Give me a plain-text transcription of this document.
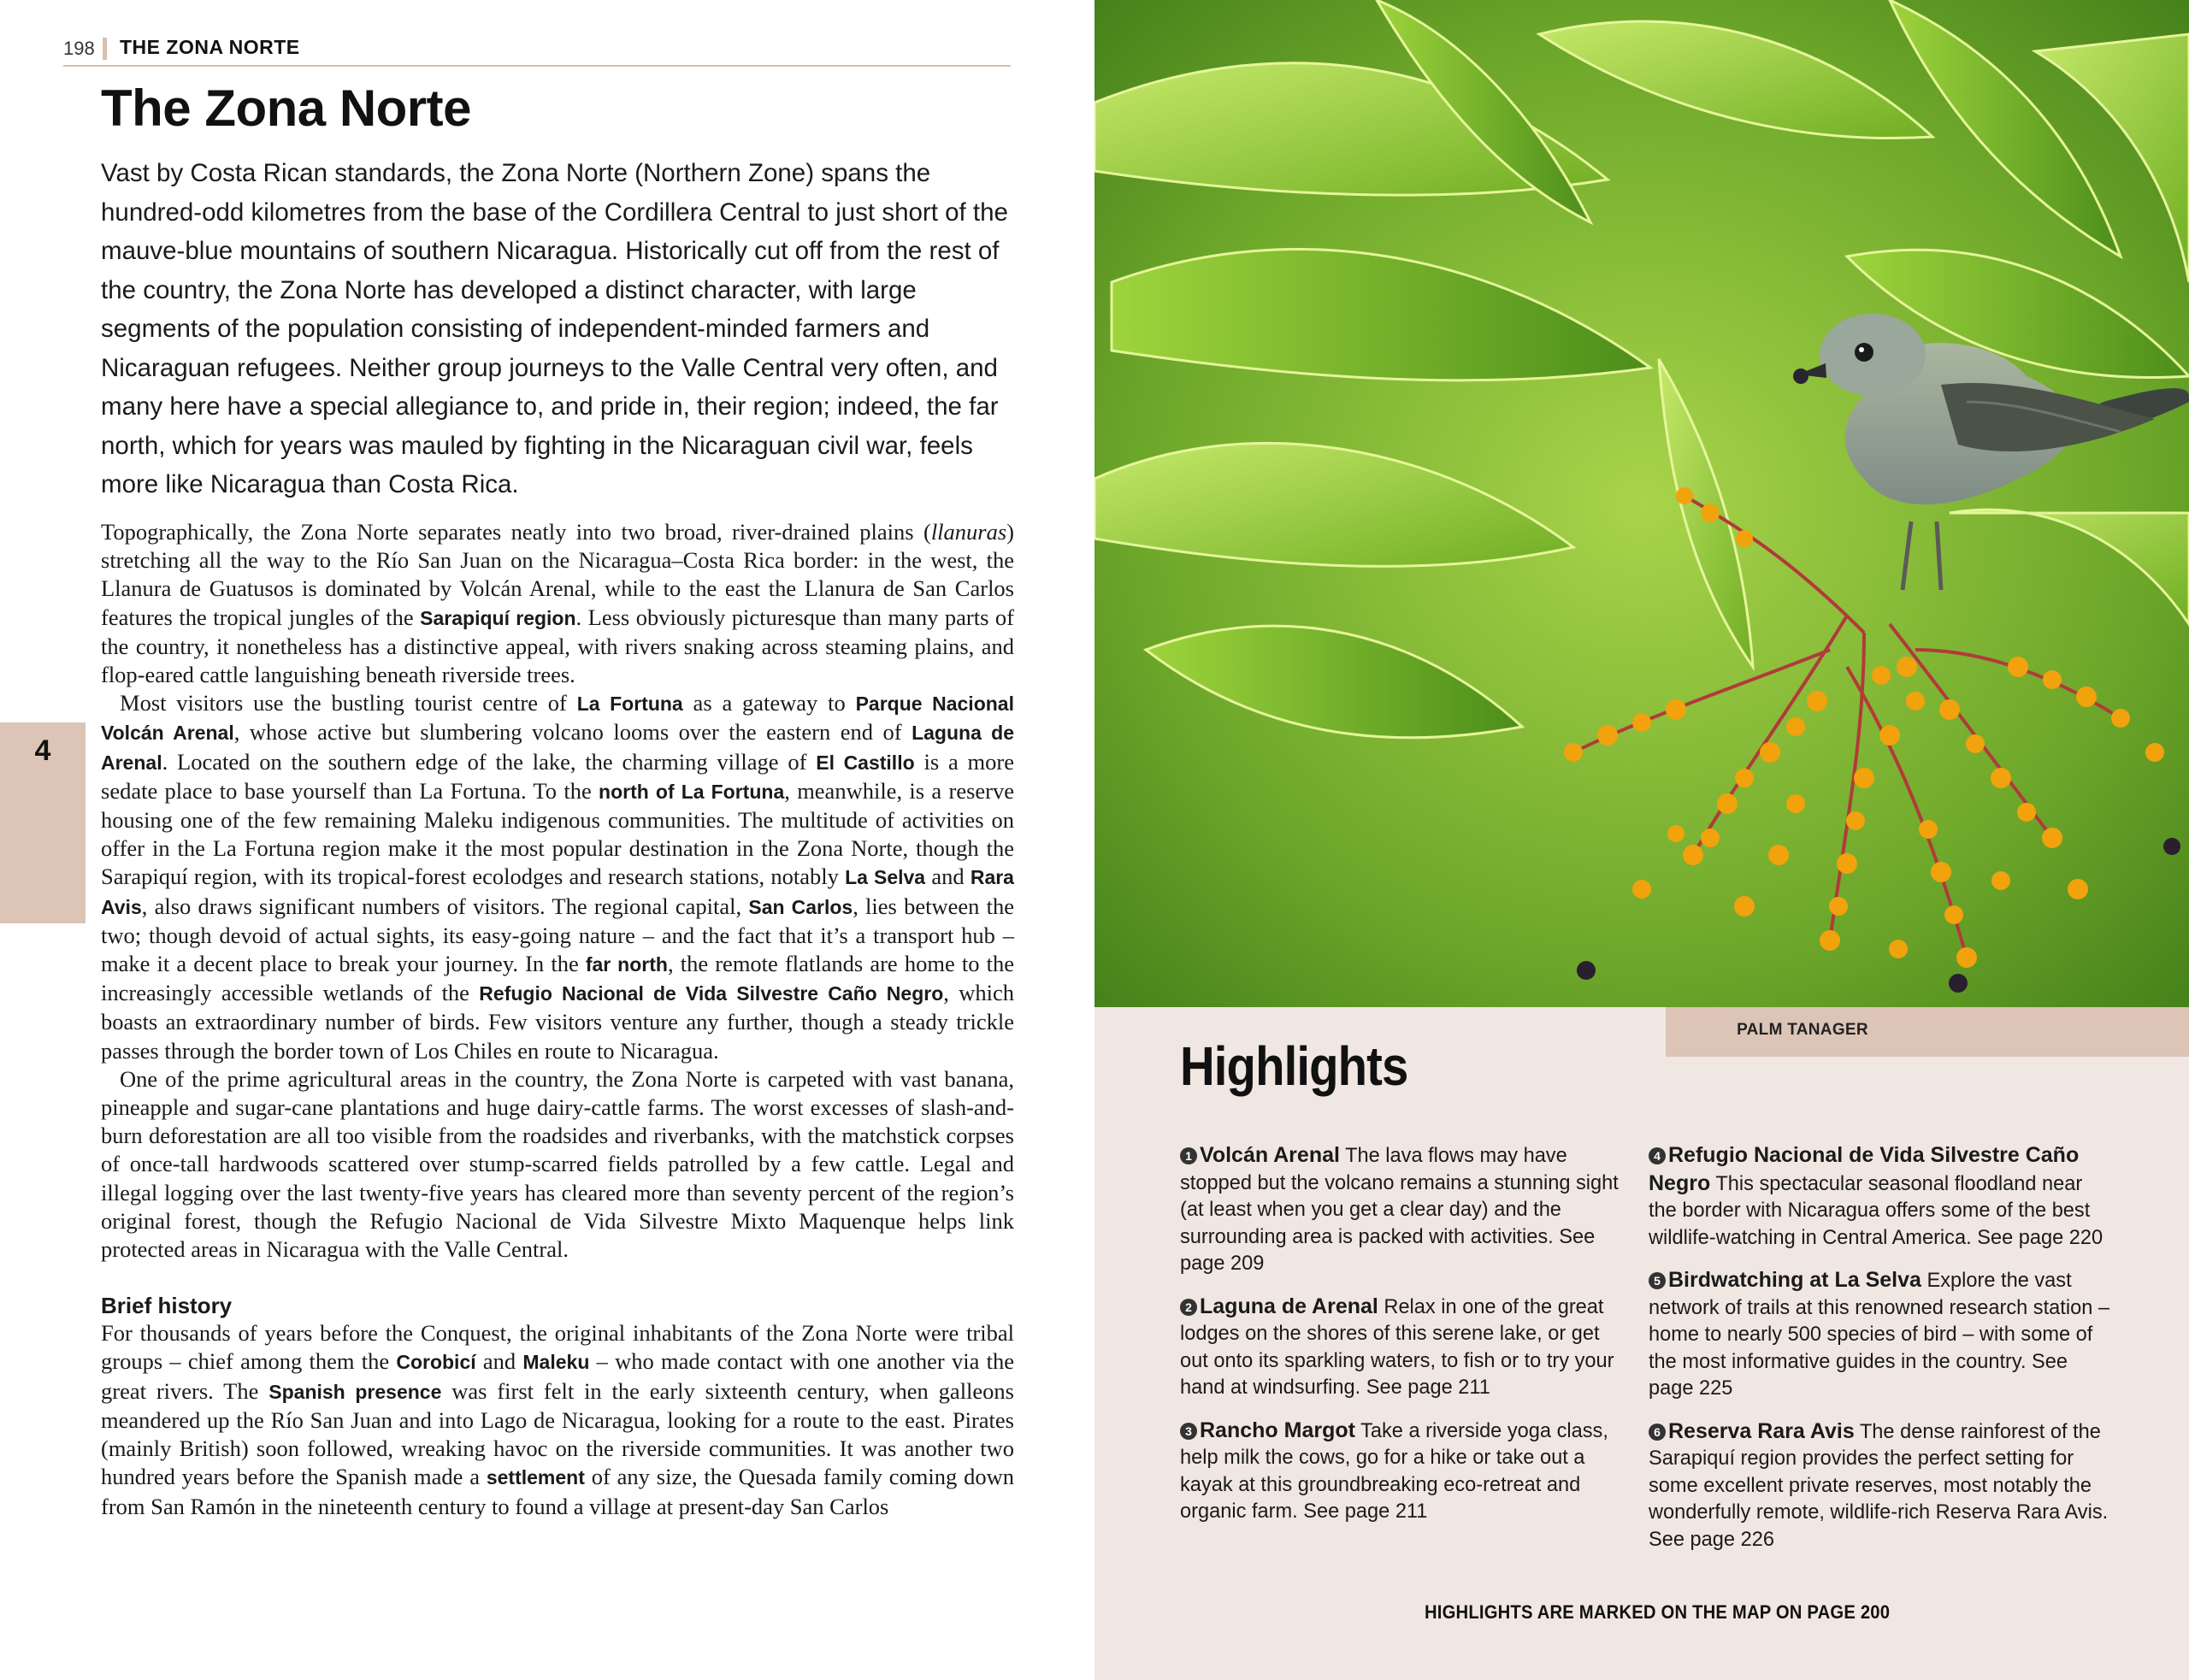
198 THE ZONA NORTE
4
The Zona Norte

Vast by Costa Rican standards, the Zona Norte (Northern Zone) spans the hundred-odd kilometres from the base of the Cordillera Central to just short of the mauve-blue mountains of southern Nicaragua. Historically cut off from the rest of the country, the Zona Norte has developed a distinct character, with large segments of the population consisting of independent-minded farmers and Nicaraguan refugees. Neither group journeys to the Valle Central very often, and many here have a special allegiance to, and pride in, their region; indeed, the far north, which for years was mauled by fighting in the Nicaraguan civil war, feels more like Nicaragua than Costa Rica.

Topographically, the Zona Norte separates neatly into two broad, river-drained plains (llanuras) stretching all the way to the Río San Juan on the Nicaragua–Costa Rica border: in the west, the Llanura de Guatusos is dominated by Volcán Arenal, while to the east the Llanura de San Carlos features the tropical jungles of the Sarapiquí region. Less obviously picturesque than many parts of the country, it nonetheless has a distinctive appeal, with rivers snaking across steaming plains, and flop-eared cattle languishing beneath riverside trees.

Most visitors use the bustling tourist centre of La Fortuna as a gateway to Parque Nacional Volcán Arenal, whose active but slumbering volcano looms over the eastern end of Laguna de Arenal. Located on the southern edge of the lake, the charming village of El Castillo is a more sedate place to base yourself than La Fortuna. To the north of La Fortuna, meanwhile, is a reserve housing one of the few remaining Maleku indigenous communities. The multitude of activities on offer in the La Fortuna region make it the most popular destination in the Zona Norte, though the Sarapiquí region, with its tropical-forest ecolodges and research stations, notably La Selva and Rara Avis, also draws significant numbers of visitors. The regional capital, San Carlos, lies between the two; though devoid of actual sights, its easy-going nature – and the fact that it’s a transport hub – make it a decent place to break your journey. In the far north, the remote flatlands are home to the increasingly accessible wetlands of the Refugio Nacional de Vida Silvestre Caño Negro, which boasts an extraordinary number of birds. Few visitors venture any further, though a steady trickle passes through the border town of Los Chiles en route to Nicaragua.

One of the prime agricultural areas in the country, the Zona Norte is carpeted with vast banana, pineapple and sugar-cane plantations and huge dairy-cattle farms. The worst excesses of slash-and-burn deforestation are all too visible from the roadsides and riverbanks, with the matchstick corpses of once-tall hardwoods scattered over stump-scarred fields patrolled by a few cattle. Legal and illegal logging over the last twenty-five years has cleared more than seventy percent of the region’s original forest, though the Refugio Nacional de Vida Silvestre Mixto Maquenque helps link protected areas in Nicaragua with the Valle Central.

Brief history

For thousands of years before the Conquest, the original inhabitants of the Zona Norte were tribal groups – chief among them the Corobicí and Maleku – who made contact with one another via the great rivers. The Spanish presence was first felt in the early sixteenth century, when galleons meandered up the Río San Juan and into Lago de Nicaragua, looking for a route to the east. Pirates (mainly British) soon followed, wreaking havoc on the riverside communities. It was another two hundred years before the Spanish made a settlement of any size, the Quesada family coming down from San Ramón in the nineteenth century to found a village at present-day San Carlos

PALM TANAGER
Highlights

1 Volcán Arenal The lava flows may have stopped but the volcano remains a stunning sight (at least when you get a clear day) and the surrounding area is packed with activities. See page 209

2 Laguna de Arenal Relax in one of the great lodges on the shores of this serene lake, or get out onto its sparkling waters, to fish or to try your hand at windsurfing. See page 211

3 Rancho Margot Take a riverside yoga class, help milk the cows, go for a hike or take out a kayak at this groundbreaking eco-retreat and organic farm. See page 211

4 Refugio Nacional de Vida Silvestre Caño Negro This spectacular seasonal floodland near the border with Nicaragua offers some of the best wildlife-watching in Central America. See page 220

5 Birdwatching at La Selva Explore the vast network of trails at this renowned research station – home to nearly 500 species of bird – with some of the most informative guides in the country. See page 225

6 Reserva Rara Avis The dense rainforest of the Sarapiquí region provides the perfect setting for some excellent private reserves, most notably the wonderfully remote, wildlife-rich Reserva Rara Avis. See page 226

HIGHLIGHTS ARE MARKED ON THE MAP ON PAGE 200
